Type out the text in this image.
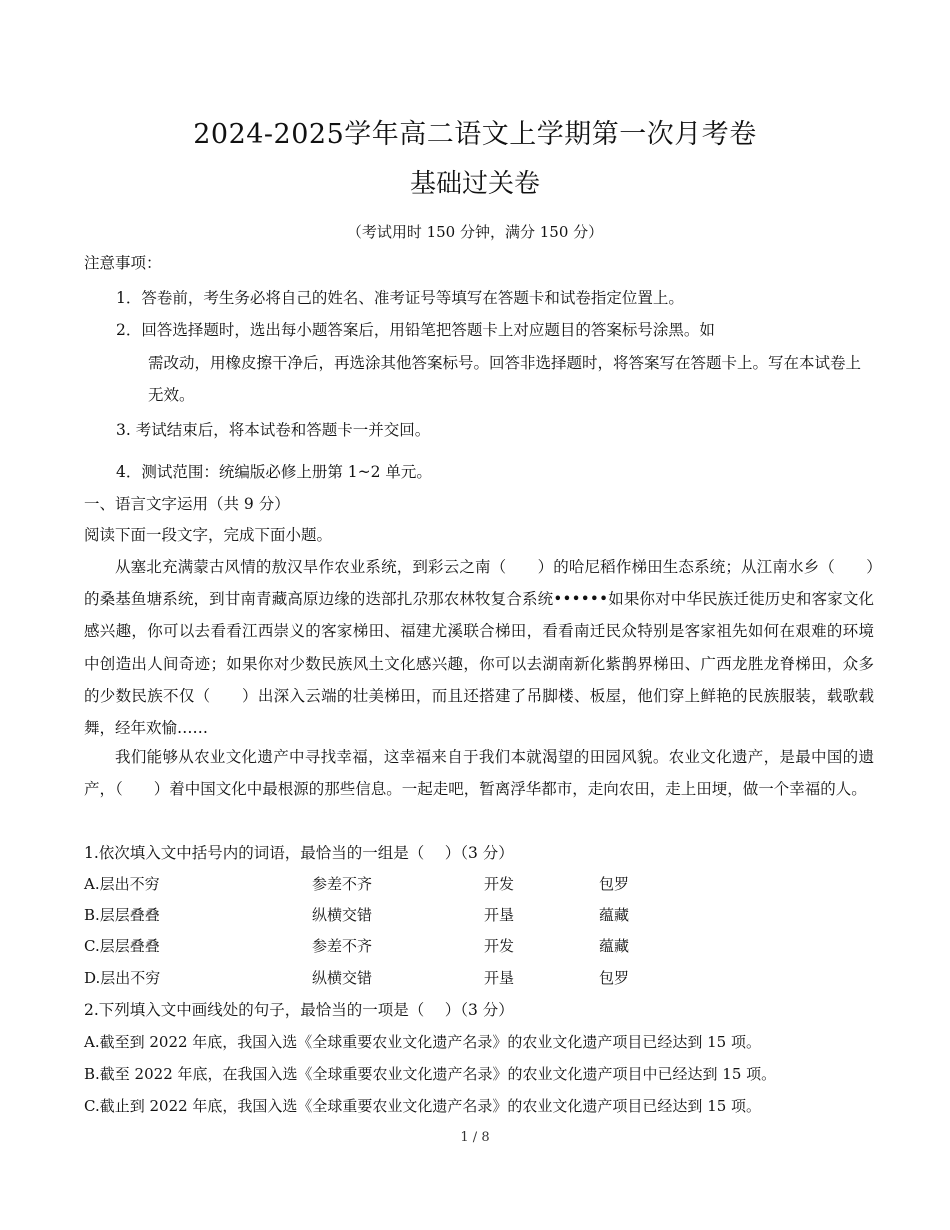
2024-2025学年高二语文上学期第一次月考卷
基础过关卷
（考试用时 150 分钟，满分 150 分）
注意事项：
1．答卷前，考生务必将自己的姓名、准考证号等填写在答题卡和试卷指定位置上。
2．回答选择题时，选出每小题答案后，用铅笔把答题卡上对应题目的答案标号涂黑。如
需改动，用橡皮擦干净后，再选涂其他答案标号。回答非选择题时，将答案写在答题卡上。写在本试卷上无效。
3. 考试结束后，将本试卷和答题卡一并交回。
4．测试范围：统编版必修上册第 1~2 单元。
一、语言文字运用（共 9 分）
阅读下面一段文字，完成下面小题。
从塞北充满蒙古风情的敖汉旱作农业系统，到彩云之南（　　）的哈尼稻作梯田生态系统；从江南水乡（　　）的桑基鱼塘系统，到甘南青藏高原边缘的迭部扎尕那农林牧复合系统••••••如果你对中华民族迁徙历史和客家文化感兴趣，你可以去看看江西崇义的客家梯田、福建尤溪联合梯田，看看南迁民众特别是客家祖先如何在艰难的环境中创造出人间奇迹；如果你对少数民族风土文化感兴趣，你可以去湖南新化紫鹊界梯田、广西龙胜龙脊梯田，众多的少数民族不仅（　　）出深入云端的壮美梯田，而且还搭建了吊脚楼、板屋，他们穿上鲜艳的民族服装，载歌载舞，经年欢愉……
我们能够从农业文化遗产中寻找幸福，这幸福来自于我们本就渴望的田园风貌。农业文化遗产，是最中国的遗产，（　　）着中国文化中最根源的那些信息。一起走吧，暂离浮华都市，走向农田，走上田埂，做一个幸福的人。
1.依次填入文中括号内的词语，最恰当的一组是（　 ）（3 分）
A.层出不穷	参差不齐	开发	包罗
B.层层叠叠	纵横交错	开垦	蕴藏
C.层层叠叠	参差不齐	开发	蕴藏
D.层出不穷	纵横交错	开垦	包罗
2.下列填入文中画线处的句子，最恰当的一项是（　 ）（3 分）
A.截至到 2022 年底，我国入选《全球重要农业文化遗产名录》的农业文化遗产项目已经达到 15 项。
B.截至 2022 年底，在我国入选《全球重要农业文化遗产名录》的农业文化遗产项目中已经达到 15 项。
C.截止到 2022 年底，我国入选《全球重要农业文化遗产名录》的农业文化遗产项目已经达到 15 项。
1 / 8
